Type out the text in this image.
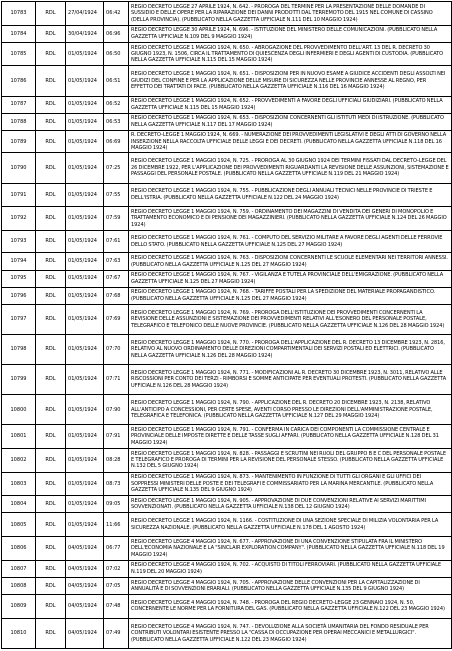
10783	RDL	27/04/1924	06:42	REGIO DECRETO LEGGE 27 APRILE 1924, N. 642. - PROROGA DEL TERMINE PER LA PRESENTAZIONE DELLE DOMANDE DI SUSSIDIO E DELLE OPERE PER LA RIPARAZIONE DEI DANNI PRODOTTI DAL TERREMOTO DEL 1915 NEL COMUNE DI CASSINO (DELLA PROVINCIA). (PUBBLICATO NELLA GAZZETTA UFFICIALE N.111 DEL 10 MAGGIO 1924)
10784	RDL	30/04/1924	06:96	REGIO DECRETO LEGGE 30 APRILE 1924, N. 696. - ISTITUZIONE DEL MINISTERO DELLE COMUNICAZIONI. (PUBBLICATO NELLA GAZZETTA UFFICIALE N.109 DEL 9 MAGGIO 1924)
10785	RDL	01/05/1924	06:50	REGIO DECRETO LEGGE 1 MAGGIO 1924, N. 650. - ABROGAZIONE DEL PROVVEDIMENTO DELL'ART. 13 DEL R. DECRETO 30 GIUGNO 1923, N. 1506, CIRCA IL TRATTAMENTO DI QUIESCENZA DEGLI INFERMIERI E DEGLI AGENTI DI CUSTODIA. (PUBBLICATO NELLA GAZZETTA UFFICIALE N.115 DEL 15 MAGGIO 1924)
10786	RDL	01/05/1924	06:51	REGIO DECRETO LEGGE 1 MAGGIO 1924, N. 651. - DISPOSIZIONI PER IN NUOVO ESAME A GIUDICE ACCIDENTI DEGLI ASSOLTI NEI GIUDIZI DEL CONFINE E PER LA APPLICAZIONE DELLE MISURE DI SICUREZZA NELLE PROVINCIE ANNESSE AL REGNO, PER EFFETTO DEI TRATTATI DI PACE. (PUBBLICATO NELLA GAZZETTA UFFICIALE N.116 DEL 16 MAGGIO 1924)
10787	RDL	01/05/1924	06:52	REGIO DECRETO LEGGE 1 MAGGIO 1924, N. 652. - PROVVEDIMENTI A FAVORE DEGLI UFFICIALI GIUDIZIARI. (PUBBLICATO NELLA GAZZETTA UFFICIALE N.115 DEL 15 MAGGIO 1924)
10788	RDL	01/05/1924	06:53	REGIO DECRETO LEGGE 1 MAGGIO 1924, N. 653. - DISPOSIZIONI CONCERNENTI GLI ISTITUTI MEDI DI ISTRUZIONE. (PUBBLICATO NELLA GAZZETTA UFFICIALE N.117 DEL 17 MAGGIO 1924)
10789	RDL	01/05/1924	06:69	R. DECRETO-LEGGE 1 MAGGIO 1924, N. 669. - NUMERAZIONE DEI PROVVEDIMENTI LEGISLATIVI E DEGLI ATTI DI GOVERNO NELLA INSERZIONE NELLA RACCOLTA UFFICIALE DELLE LEGGI E DEI DECRETI. (PUBBLICATO NELLA GAZZETTA UFFICIALE N.118 DEL 16 MAGGIO 1924)
10790	RDL	01/05/1924	07:25	REGIO DECRETO LEGGE 1 MAGGIO 1924, N. 725. - PROROGA AL 30 GIUGNO 1924 DEI TERMINI FISSATI DAL DECRETO-LEGGE DEL 26 DICEMBRE 1922, PER L'APPLICAZIONE DEI PROVVEDIMENTI RIGUARDANTI LA REVISIONE DELLE ASSUNZIONI, SISTEMAZIONE E PASSAGGI DEL PERSONALE POSTALE. (PUBBLICATO NELLA GAZZETTA UFFICIALE N.119 DEL 21 MAGGIO 1924)
10791	RDL	01/05/1924	07:55	REGIO DECRETO LEGGE 1 MAGGIO 1924, N. 755. - PUBBLICAZIONE DEGLI ANNUALI TECNICI NELLE PROVINCIE DI TRIESTE E DELL'ISTRIA. (PUBBLICATO NELLA GAZZETTA UFFICIALE N.122 DEL 24 MAGGIO 1924)
10792	RDL	01/05/1924	07:59	REGIO DECRETO LEGGE 1 MAGGIO 1924, N. 759. - ORDINAMENTO DEI MAGAZZINI DI VENDITA DEI GENERI DI MONOPOLIO E TRATTAMENTO ECONOMICO E DI PENSIONE DEI MAGAZZINIERI. (PUBBLICATO NELLA GAZZETTA UFFICIALE N.124 DEL 26 MAGGIO 1924)
10793	RDL	01/05/1924	07:61	REGIO DECRETO LEGGE 1 MAGGIO 1924, N. 761. - COMPUTO DEL SERVIZIO MILITARE A FAVORE DEGLI AGENTI DELLE FERROVIE DELLO STATO. (PUBBLICATO NELLA GAZZETTA UFFICIALE N.125 DEL 27 MAGGIO 1924)
10794	RDL	01/05/1924	07:63	REGIO DECRETO LEGGE 1 MAGGIO 1924, N. 763. - DISPOSIZIONI CONCERNENTI LE SCUOLE ELEMENTARI NEI TERRITORI ANNESSI. (PUBBLICATO NELLA GAZZETTA UFFICIALE N.125 DEL 27 MAGGIO 1924)
10795	RDL	01/05/1924	07:67	REGIO DECRETO LEGGE 1 MAGGIO 1924, N. 767. - VIGILANZA E TUTELA PROVINCIALE DELL'EMIGRAZIONE. (PUBBLICATO NELLA GAZZETTA UFFICIALE N.125 DEL 27 MAGGIO 1924)
10796	RDL	01/05/1924	07:68	REGIO DECRETO LEGGE 1 MAGGIO 1924, N. 768. - TARIFFE POSTALI PER LA SPEDIZIONE DEL MATERIALE PROPAGANDISTICO. (PUBBLICATO NELLA GAZZETTA UFFICIALE N.125 DEL 27 MAGGIO 1924)
10797	RDL	01/05/1924	07:69	REGIO DECRETO LEGGE 1 MAGGIO 1924, N. 769. - PROROGA DELL'ISTITUZIONE DEI PROVVEDIMENTI CONCERNENTI LA REVISIONE DELLE ASSUNZIONI E SISTEMAZIONE DEI PROVVEDIMENTI RELATIVI ALL'ESONERO DEL PERSONALE POSTALE, TELEGRAFICO E TELEFONICO DELLE NUOVE PROVINCIE. (PUBBLICATO NELLA GAZZETTA UFFICIALE N.126 DEL 28 MAGGIO 1924)
10798	RDL	01/05/1924	07:70	REGIO DECRETO LEGGE 1 MAGGIO 1924, N. 770. - PROROGA DELL'APPLICAZIONE DEL R. DECRETO 13 DICEMBRE 1923, N. 2816, RELATIVO AL NUOVO ORDINAMENTO DELLE DIREZIONI COMPARTIMENTALI DEI SERVIZI POSTALI ED ELETTRICI. (PUBBLICATO NELLA GAZZETTA UFFICIALE N.126 DEL 28 MAGGIO 1924)
10799	RDL	01/05/1924	07:71	REGIO DECRETO LEGGE 1 MAGGIO 1924, N. 771. - MODIFICAZIONI AL R. DECRETO 30 DICEMBRE 1923, N. 3011, RELATIVO ALLE RISCOSSIONI PER CONTO DEI TERZI - RIMBORSI E SOMME ANTICIPATE PER EVENTUALI PROTESTI. (PUBBLICATO NELLA GAZZETTA UFFICIALE N.126 DEL 28 MAGGIO 1924)
10800	RDL	01/05/1924	07:90	REGIO DECRETO LEGGE 1 MAGGIO 1924, N. 790. - APPLICAZIONE DEL R. DECRETO 20 DICEMBRE 1923, N. 2138, RELATIVO ALL'ANTICIPO A CONCESSIONI, PER CERTE SPESE, AVENTI CORSO PRESSO LE DIREZIONI DELL'AMMINISTRAZIONE POSTALE, TELEGRAFICA E TELEFONICA. (PUBBLICATO NELLA GAZZETTA UFFICIALE N.127 DEL 29 MAGGIO 1924)
10801	RDL	01/05/1924	07:91	REGIO DECRETO LEGGE 1 MAGGIO 1924, N. 791. - CONFERMA IN CARICA DEI COMPONENTI LA COMMISSIONE CENTRALE E PROVINCIALE DELLE IMPOSTE DIRETTE E DELLE TASSE SUGLI AFFARI. (PUBBLICATO NELLA GAZZETTA UFFICIALE N.128 DEL 31 MAGGIO 1924)
10802	RDL	01/05/1924	08:28	REGIO DECRETO LEGGE 1 MAGGIO 1924, N. 828. - PASSAGGI E SCRUTINI NEI RUOLI DEL GRUPPO B E C DEL PERSONALE POSTALE E TELEGRAFICO E PROROGA DI TERMINI PER LA REVISIONE DEL PERSONALE STESSO. (PUBBLICATO NELLA GAZZETTA UFFICIALE N.132 DEL 5 GIUGNO 1924)
10803	RDL	01/05/1924	08:73	REGIO DECRETO LEGGE 1 MAGGIO 1924, N. 873. - MANTENIMENTO IN FUNZIONE DI TUTTI GLI ORGANI E GLI UFFICI DEI SOPPRESSI MINISTERI DELLE POSTE E DEI TELEGRAFI E COMMISSARIATO PER LA MARINA MERCANTILE. (PUBBLICATO NELLA GAZZETTA UFFICIALE N.135 DEL 9 GIUGNO 1924)
10804	RDL	01/05/1924	09:05	REGIO DECRETO LEGGE 1 MAGGIO 1924, N. 905. - APPROVAZIONE DI DUE CONVENZIONI RELATIVE AI SERVIZI MARITTIMI SOVVENZIONATI. (PUBBLICATO NELLA GAZZETTA UFFICIALE N.138 DEL 12 GIUGNO 1924)
10805	RDL	01/05/1924	11:66	REGIO DECRETO LEGGE 1 MAGGIO 1924, N. 1166. - COSTITUZIONE DI UNA SEZIONE SPECIALE DI MILIZIA VOLONTARIA PER LA SICUREZZA NAZIONALE. (PUBBLICATO NELLA GAZZETTA UFFICIALE N.178 DEL 1 AGOSTO 1924)
10806	RDL	04/05/1924	06:77	REGIO DECRETO LEGGE 4 MAGGIO 1924, N. 677. - APPROVAZIONE DI UNA CONVENZIONE STIPULATA FRA IL MINISTERO DELL'ECONOMIA NAZIONALE E LA "SINCLAIR EXPLORATION COMPANY". (PUBBLICATO NELLA GAZZETTA UFFICIALE N.118 DEL 19 MAGGIO 1924)
10807	RDL	04/05/1924	07:02	REGIO DECRETO LEGGE 4 MAGGIO 1924, N. 702. - ACQUISTO DI TITOLI FERROVIARI. (PUBBLICATO NELLA GAZZETTA UFFICIALE N.119 DEL 20 MAGGIO 1924)
10808	RDL	04/05/1924	07:05	REGIO DECRETO LEGGE 4 MAGGIO 1924, N. 705. - APPROVAZIONE DELLE CONVENZIONI PER LA CAPITALIZZAZIONE DI ANNUALITÀ E DI SOVVENZIONI ERARIALI. (PUBBLICATO NELLA GAZZETTA UFFICIALE N.135 DEL 9 GIUGNO 1924)
10809	RDL	04/05/1924	07:48	REGIO DECRETO LEGGE 4 MAGGIO 1924, N. 748. - PROROGA DEL REGIO DECRETO-LEGGE 23 GENNAIO 1924, N. 50, CONCERNENTE LE NORME PER LA FORNITURA DEL GAS. (PUBBLICATO NELLA GAZZETTA UFFICIALE N.122 DEL 23 MAGGIO 1924)
10810	RDL	04/05/1924	07:49	REGIO DECRETO LEGGE 4 MAGGIO 1924, N. 747. - DEVOLUZIONE ALLA SOCIETÀ UMANITARIA DEL FONDO RESIDUALE PER CONTRIBUTI VOLONTARI ESISTENTE PRESSO LA "CASSA DI OCCUPAZIONE PER OPERAI MECCANICI E METALLURGICI". (PUBBLICATO NELLA GAZZETTA UFFICIALE N.122 DEL 23 MAGGIO 1924)
